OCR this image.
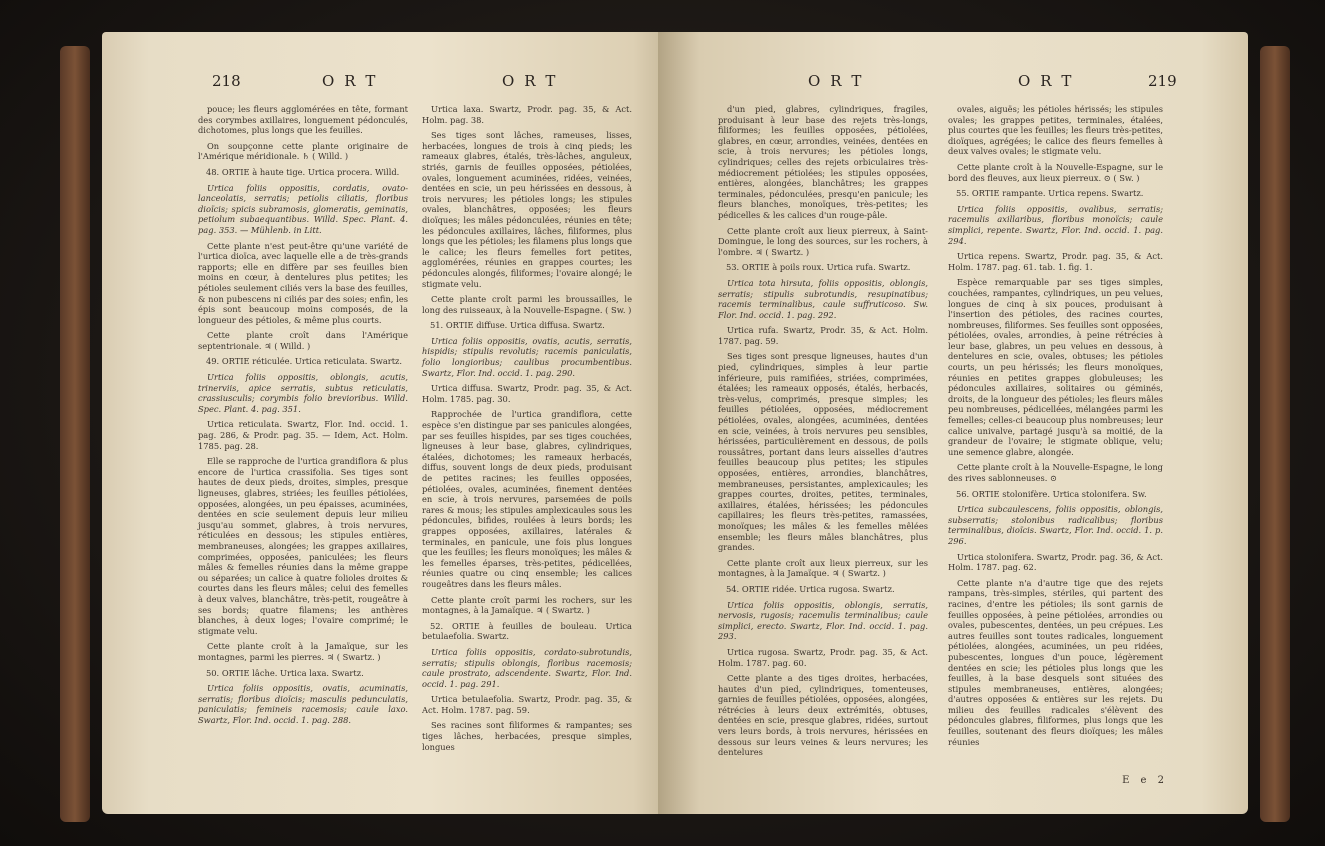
218	ORT	ORT

pouce; les fleurs agglomérées en tête, formant des corymbes axillaires, longuement pédonculés, dichotomes, plus longs que les feuilles.

On soupçonne cette plante originaire de l'Amérique méridionale. ♄ ( Willd. )

48. ORTIE à haute tige. Urtica procera. Willd.

Urtica foliis oppositis, cordatis, ovato-lanceolatis, serratis; petiolis ciliatis, floribus dioïcis; spicis subramosis, glomeratis, geminatis, petiolum subaequantibus. Willd. Spec. Plant. 4. pag. 353. — Mühlenb. in Litt.

Cette plante n'est peut-être qu'une variété de l'urtica dioïca, avec laquelle elle a de très-grands rapports; elle en diffère par ses feuilles bien moins en cœur, à dentelures plus petites; les pétioles seulement ciliés vers la base des feuilles, & non pubescens ni ciliés par des soies; enfin, les épis sont beaucoup moins composés, de la longueur des pétioles, & même plus courts.

Cette plante croît dans l'Amérique septentrionale. ♃ ( Willd. )

49. ORTIE réticulée. Urtica reticulata. Swartz.

Urtica foliis oppositis, oblongis, acutis, trinerviis, apice serratis, subtus reticulatis, crassiusculis; corymbis folio brevioribus. Willd. Spec. Plant. 4. pag. 351.

Urtica reticulata. Swartz, Flor. Ind. occid. 1. pag. 286, & Prodr. pag. 35. — Idem, Act. Holm. 1785. pag. 28.

Elle se rapproche de l'urtica grandiflora & plus encore de l'urtica crassifolia. Ses tiges sont hautes de deux pieds, droites, simples, presque ligneuses, glabres, striées; les feuilles pétiolées, opposées, alongées, un peu épaisses, acuminées, dentées en scie seulement depuis leur milieu jusqu'au sommet, glabres, à trois nervures, réticulées en dessous; les stipules entières, membraneuses, alongées; les grappes axillaires, comprimées, opposées, paniculées; les fleurs mâles & femelles réunies dans la même grappe ou séparées; un calice à quatre folioles droites & courtes dans les fleurs mâles; celui des femelles à deux valves, blanchâtre, très-petit, rougeâtre à ses bords; quatre filamens; les anthères blanches, à deux loges; l'ovaire comprimé; le stigmate velu.

Cette plante croît à la Jamaïque, sur les montagnes, parmi les pierres. ♃ ( Swartz. )

50. ORTIE lâche. Urtica laxa. Swartz.

Urtica foliis oppositis, ovatis, acuminatis, serratis; floribus dioïcis; masculis pedunculatis, paniculatis; femineis racemosis; caule laxo. Swartz, Flor. Ind. occid. 1. pag. 288.

Urtica laxa. Swartz, Prodr. pag. 35, & Act. Holm. pag. 38.

Ses tiges sont lâches, rameuses, lisses, herbacées, longues de trois à cinq pieds; les rameaux glabres, étalés, très-lâches, anguleux, striés, garnis de feuilles opposées, pétiolées, ovales, longuement acuminées, ridées, veinées, dentées en scie, un peu hérissées en dessous, à trois nervures; les pétioles longs; les stipules ovales, blanchâtres, opposées; les fleurs dioïques; les mâles pédonculées, réunies en tête; les pédoncules axillaires, lâches, filiformes, plus longs que les pétioles; les filamens plus longs que le calice; les fleurs femelles fort petites, agglomérées, réunies en grappes courtes; les pédoncules alongés, filiformes; l'ovaire alongé; le stigmate velu.

Cette plante croît parmi les broussailles, le long des ruisseaux, à la Nouvelle-Espagne. ( Sw. )

51. ORTIE diffuse. Urtica diffusa. Swartz.

Urtica foliis oppositis, ovatis, acutis, serratis, hispidis; stipulis revolutis; racemis paniculatis, folio longioribus; caulibus procumbentibus. Swartz, Flor. Ind. occid. 1. pag. 290.

Urtica diffusa. Swartz, Prodr. pag. 35, & Act. Holm. 1785. pag. 30.

Rapprochée de l'urtica grandiflora, cette espèce s'en distingue par ses panicules alongées, par ses feuilles hispides, par ses tiges couchées, ligneuses à leur base, glabres, cylindriques, étalées, dichotomes; les rameaux herbacés, diffus, souvent longs de deux pieds, produisant de petites racines; les feuilles opposées, pétiolées, ovales, acuminées, finement dentées en scie, à trois nervures, parsemées de poils rares & mous; les stipules amplexicaules sous les pédoncules, bifides, roulées à leurs bords; les grappes opposées, axillaires, latérales & terminales, en panicule, une fois plus longues que les feuilles; les fleurs monoïques; les mâles & les femelles éparses, très-petites, pédicellées, réunies quatre ou cinq ensemble; les calices rougeâtres dans les fleurs mâles.

Cette plante croît parmi les rochers, sur les montagnes, à la Jamaïque. ♃ ( Swartz. )

52. ORTIE à feuilles de bouleau. Urtica betulaefolia. Swartz.

Urtica foliis oppositis, cordato-subrotundis, serratis; stipulis oblongis, floribus racemosis; caule prostrato, adscendente. Swartz, Flor. Ind. occid. 1. pag. 291.

Urtica betulaefolia. Swartz, Prodr. pag. 35, & Act. Holm. 1787. pag. 59.

Ses racines sont filiformes & rampantes; ses tiges lâches, herbacées, presque simples, longues

ORT	ORT	219

d'un pied, glabres, cylindriques, fragiles, produisant à leur base des rejets très-longs, filiformes; les feuilles opposées, pétiolées, glabres, en cœur, arrondies, veinées, dentées en scie, à trois nervures; les pétioles longs, cylindriques; celles des rejets orbiculaires très-médiocrement pétiolées; les stipules opposées, entières, alongées, blanchâtres; les grappes terminales, pédonculées, presqu'en panicule; les fleurs blanches, monoïques, très-petites; les pédicelles & les calices d'un rouge-pâle.

Cette plante croît aux lieux pierreux, à Saint-Domingue, le long des sources, sur les rochers, à l'ombre. ♃ ( Swartz. )

53. ORTIE à poils roux. Urtica rufa. Swartz.

Urtica tota hirsuta, foliis oppositis, oblongis, serratis; stipulis subrotundis, resupinatibus; racemis terminalibus, caule suffruticoso. Sw. Flor. Ind. occid. 1. pag. 292.

Urtica rufa. Swartz, Prodr. 35, & Act. Holm. 1787. pag. 59.

Ses tiges sont presque ligneuses, hautes d'un pied, cylindriques, simples à leur partie inférieure, puis ramifiées, striées, comprimées, étalées; les rameaux opposés, étalés, herbacés, très-velus, comprimés, presque simples; les feuilles pétiolées, opposées, médiocrement pétiolées, ovales, alongées, acuminées, dentées en scie, veinées, à trois nervures peu sensibles, hérissées, particulièrement en dessous, de poils roussâtres, portant dans leurs aisselles d'autres feuilles beaucoup plus petites; les stipules opposées, entières, arrondies, blanchâtres, membraneuses, persistantes, amplexicaules; les grappes courtes, droites, petites, terminales, axillaires, étalées, hérissées; les pédoncules capillaires; les fleurs très-petites, ramassées, monoïques; les mâles & les femelles mêlées ensemble; les fleurs mâles blanchâtres, plus grandes.

Cette plante croît aux lieux pierreux, sur les montagnes, à la Jamaïque. ♃ ( Swartz. )

54. ORTIE ridée. Urtica rugosa. Swartz.

Urtica foliis oppositis, oblongis, serratis, nervosis, rugosis; racemulis terminalibus; caule simplici, erecto. Swartz, Flor. Ind. occid. 1. pag. 293.

Urtica rugosa. Swartz, Prodr. pag. 35, & Act. Holm. 1787. pag. 60.

Cette plante a des tiges droites, herbacées, hautes d'un pied, cylindriques, tomenteuses, garnies de feuilles pétiolées, opposées, alongées, rétrécies à leurs deux extrémités, obtuses, dentées en scie, presque glabres, ridées, surtout vers leurs bords, à trois nervures, hérissées en dessous sur leurs veines & leurs nervures; les dentelures

ovales, aiguës; les pétioles hérissés; les stipules ovales; les grappes petites, terminales, étalées, plus courtes que les feuilles; les fleurs très-petites, dioïques, agrégées; le calice des fleurs femelles à deux valves ovales; le stigmate velu.

Cette plante croît à la Nouvelle-Espagne, sur le bord des fleuves, aux lieux pierreux. ⊙ ( Sw. )

55. ORTIE rampante. Urtica repens. Swartz.

Urtica foliis oppositis, ovalibus, serratis; racemulis axillaribus, floribus monoïcis; caule simplici, repente. Swartz, Flor. Ind. occid. 1. pag. 294.

Urtica repens. Swartz, Prodr. pag. 35, & Act. Holm. 1787. pag. 61. tab. 1. fig. 1.

Espèce remarquable par ses tiges simples, couchées, rampantes, cylindriques, un peu velues, longues de cinq à six pouces, produisant à l'insertion des pétioles, des racines courtes, nombreuses, filiformes. Ses feuilles sont opposées, pétiolées, ovales, arrondies, à peine rétrécies à leur base, glabres, un peu velues en dessous, à dentelures en scie, ovales, obtuses; les pétioles courts, un peu hérissés; les fleurs monoïques, réunies en petites grappes globuleuses; les pédoncules axillaires, solitaires ou géminés, droits, de la longueur des pétioles; les fleurs mâles peu nombreuses, pédicellées, mélangées parmi les femelles; celles-ci beaucoup plus nombreuses; leur calice univalve, partagé jusqu'à sa moitié, de la grandeur de l'ovaire; le stigmate oblique, velu; une semence glabre, alongée.

Cette plante croît à la Nouvelle-Espagne, le long des rives sablonneuses. ⊙

56. ORTIE stolonifère. Urtica stolonifera. Sw.

Urtica subcaulescens, foliis oppositis, oblongis, subserratis; stolonibus radicalibus; floribus terminalibus, dioïcis. Swartz, Flor. Ind. occid. 1. p. 296.

Urtica stolonifera. Swartz, Prodr. pag. 36, & Act. Holm. 1787. pag. 62.

Cette plante n'a d'autre tige que des rejets rampans, très-simples, stériles, qui partent des racines, d'entre les pétioles; ils sont garnis de feuilles opposées, à peine pétiolées, arrondies ou ovales, pubescentes, dentées, un peu crépues. Les autres feuilles sont toutes radicales, longuement pétiolées, alongées, acuminées, un peu ridées, pubescentes, longues d'un pouce, légèrement dentées en scie; les pétioles plus longs que les feuilles, à la base desquels sont situées des stipules membraneuses, entières, alongées; d'autres opposées & entières sur les rejets. Du milieu des feuilles radicales s'élèvent des pédoncules glabres, filiformes, plus longs que les feuilles, soutenant des fleurs dioïques; les mâles réunies

E e 2
